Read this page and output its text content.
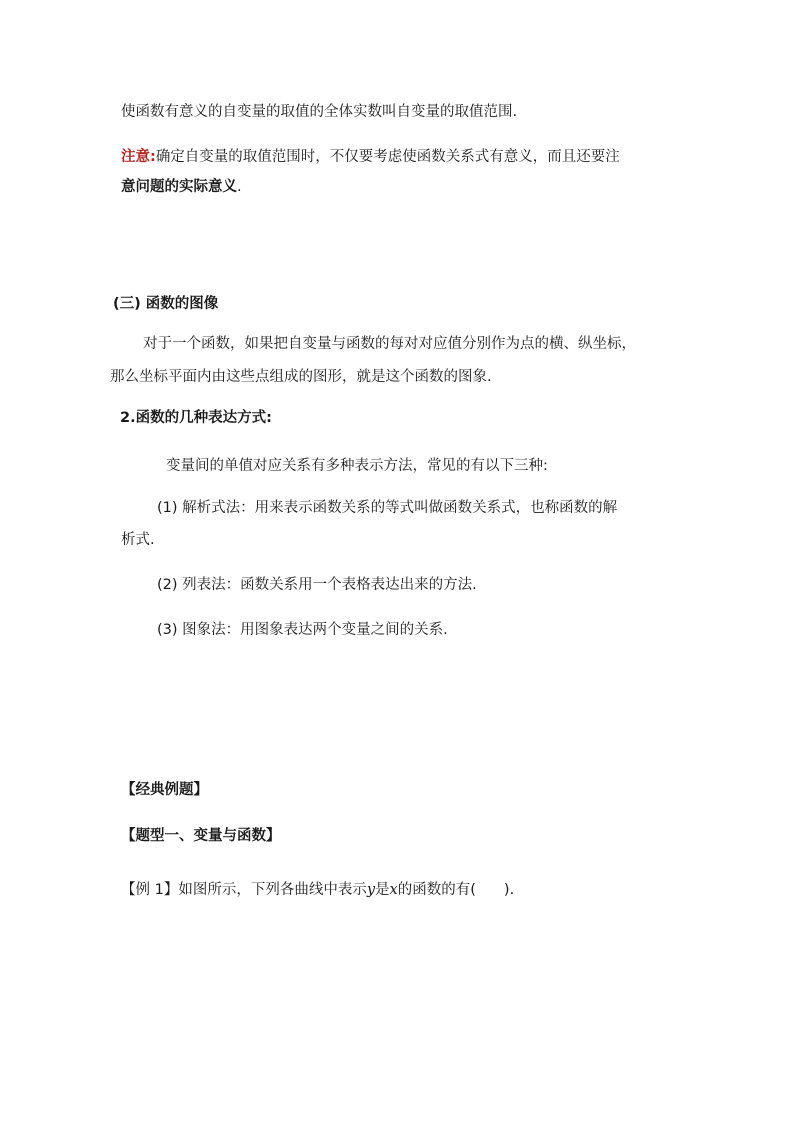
使函数有意义的自变量的取值的全体实数叫自变量的取值范围.
注意:确定自变量的取值范围时，不仅要考虑使函数关系式有意义，而且还要注
意问题的实际意义.
(三) 函数的图像
对于一个函数，如果把自变量与函数的每对对应值分别作为点的横、纵坐标，
那么坐标平面内由这些点组成的图形，就是这个函数的图象.
2.函数的几种表达方式:
变量间的单值对应关系有多种表示方法，常见的有以下三种:
(1) 解析式法：用来表示函数关系的等式叫做函数关系式，也称函数的解
析式.
(2) 列表法：函数关系用一个表格表达出来的方法.
(3) 图象法：用图象表达两个变量之间的关系.
【经典例题】
【题型一、变量与函数】
【例 1】如图所示，下列各曲线中表示y是x的函数的有( ).
